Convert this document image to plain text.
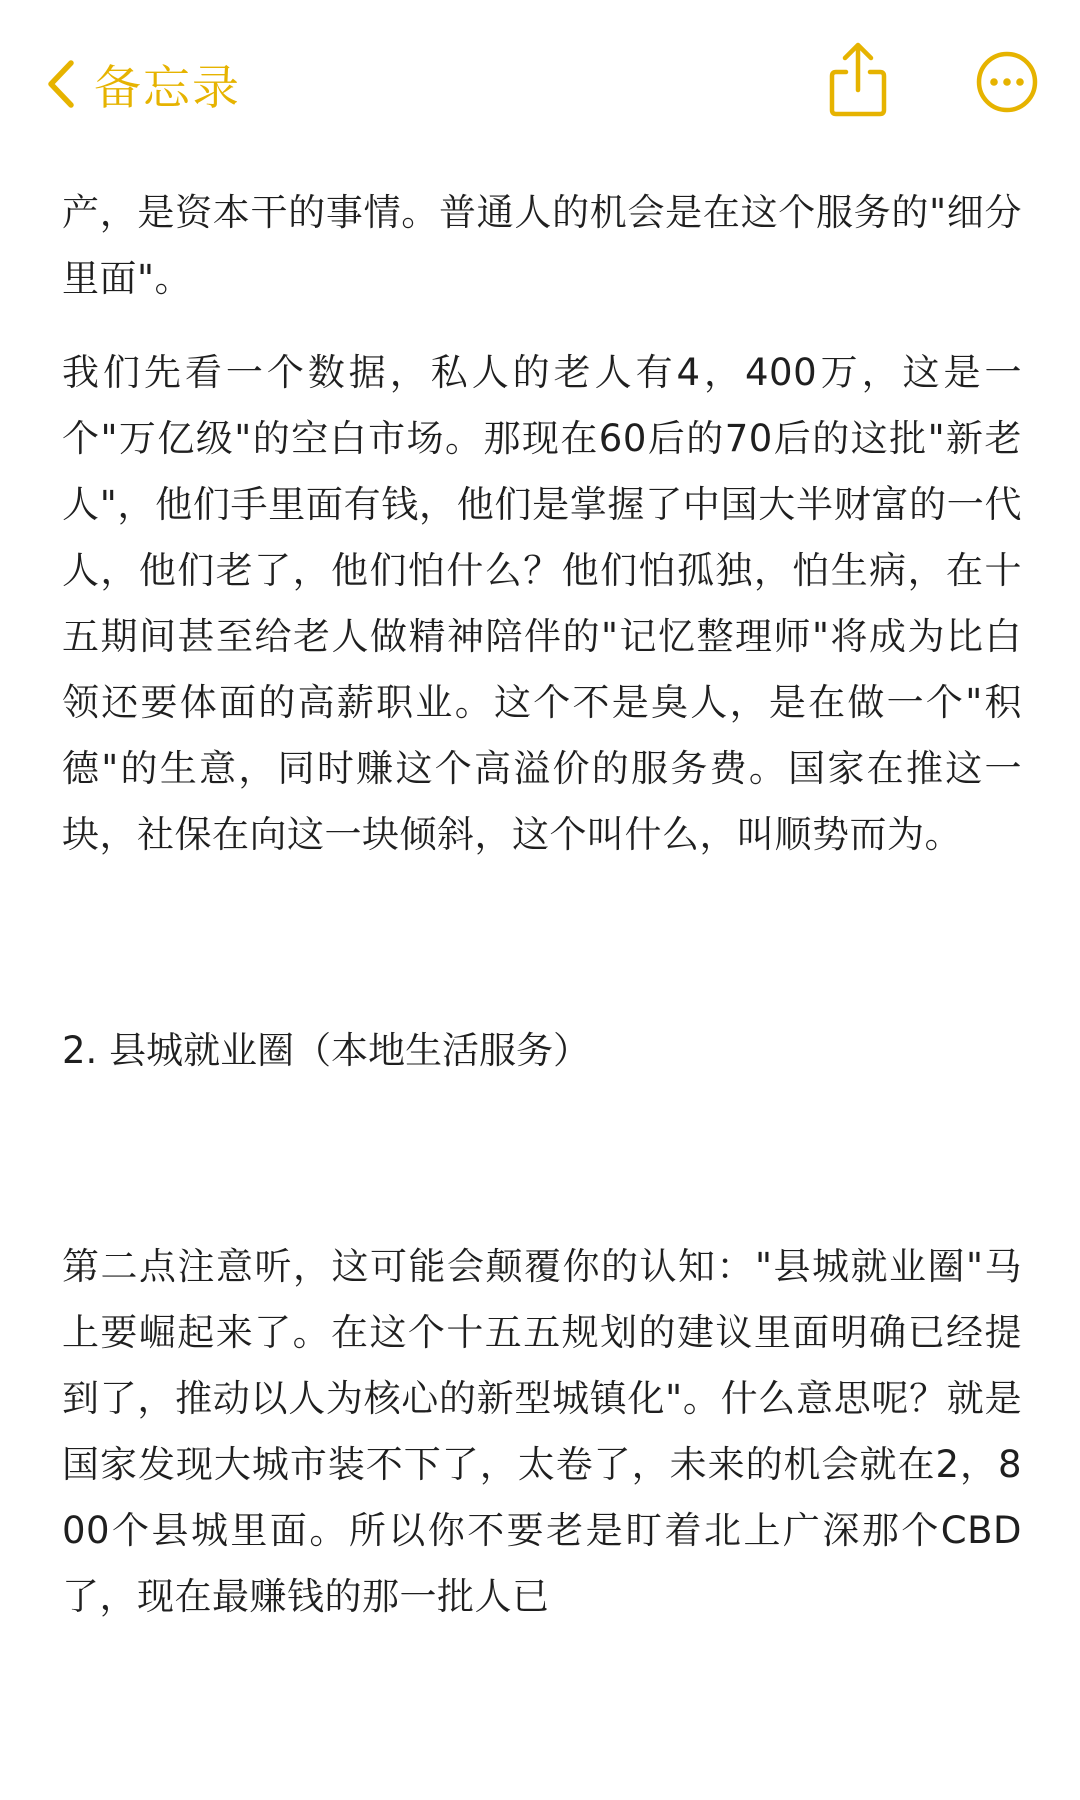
备忘录

产，是资本干的事情。普通人的机会是在这个服务的"细分里面"。

我们先看一个数据，私人的老人有4，400万，这是一个"万亿级"的空白市场。那现在60后的70后的这批"新老人"，他们手里面有钱，他们是掌握了中国大半财富的一代人，他们老了，他们怕什么？他们怕孤独，怕生病，在十五期间甚至给老人做精神陪伴的"记忆整理师"将成为比白领还要体面的高薪职业。这个不是臭人，是在做一个"积德"的生意，同时赚这个高溢价的服务费。国家在推这一块，社保在向这一块倾斜，这个叫什么，叫顺势而为。

2. 县城就业圈（本地生活服务）

第二点注意听，这可能会颠覆你的认知："县城就业圈"马上要崛起来了。在这个十五五规划的建议里面明确已经提到了，推动以人为核心的新型城镇化"。什么意思呢？就是国家发现大城市装不下了，太卷了，未来的机会就在2，800个县城里面。所以你不要老是盯着北上广深那个CBD了，现在最赚钱的那一批人已
